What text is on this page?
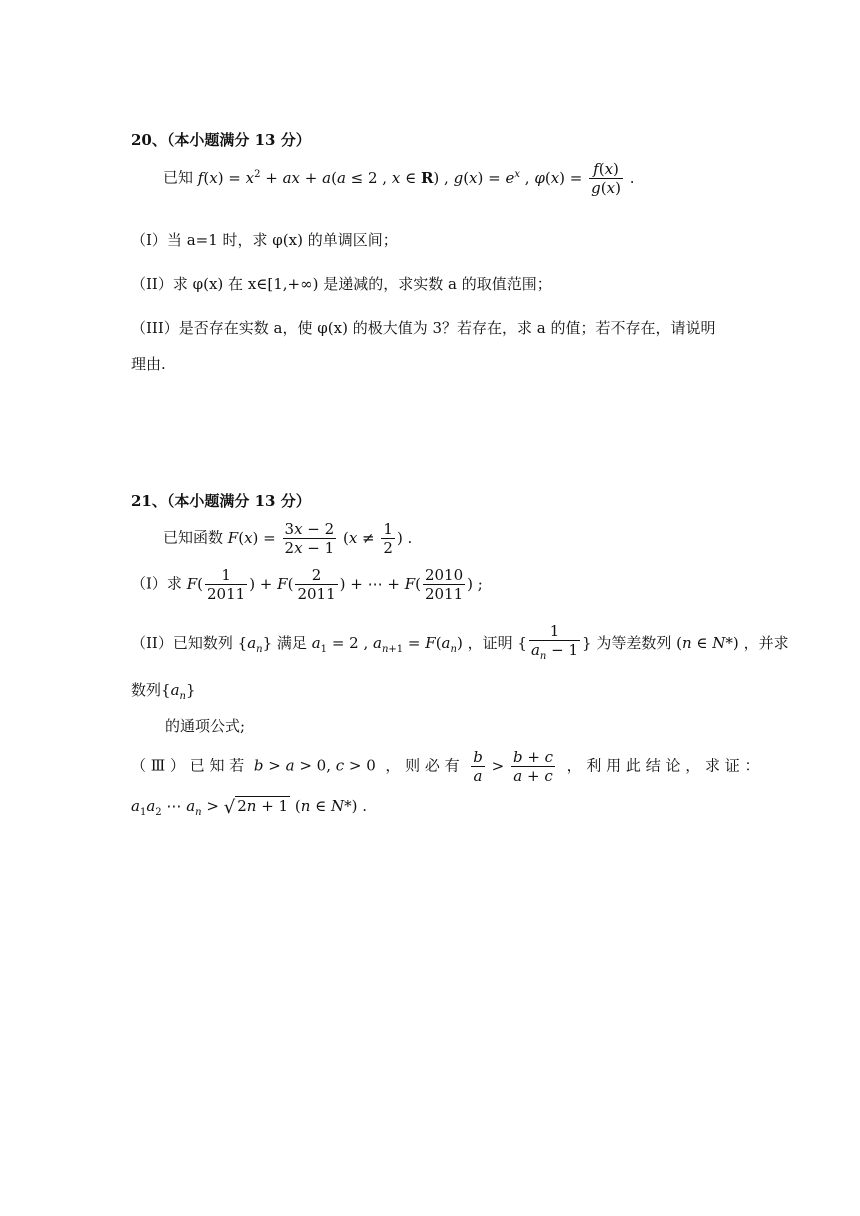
20、（本小题满分 13 分）
已知 $f(x) = x^2$ + ax + a(a ≤ 2 , x ∈ R) , $g(x) = e^x$ , $\varphi(x) = \frac{f(x)}{g(x)}$ .
（I）当 a=1 时，求 φ(x) 的单调区间；
（II）求 φ(x) 在 x∈[1,+∞) 是递减的，求实数 a 的取值范围；
（III）是否存在实数 a，使 φ(x) 的极大值为 3？若存在，求 a 的值；若不存在，请说明
理由.
21、（本小题满分 13 分）
已知函数 $F(x) = \frac{3x - 2}{2x - 1} (x \ne \frac{1}{2}$ ) .
（I）求 $F( \frac{1}{2011}$ ) + $F( \frac{2}{2011}$ ) + ⋯ + $F( \frac{2010}{2011}$ ) ;
（II）已知数列 $\{a_n\}$ 满足 $a_1 = 2$ , $a_{n+1} = F(a_n)$ ，证明 { $\frac{1}{a_n - 1}$ } 为等差数列 (n ∈ N*) ，并求
数列$\{a_n\}$
的通项公式;
（ Ⅲ ） 已 知 若 b > a > 0, c > 0  ， 则 必 有 $\frac{b}{a} > \frac{b + c}{a + c}$ ， 利 用 此 结 论 ， 求 证 ：
$a_1a_2$ ⋯ $a_n$ > √ 2n + 1 (n ∈ N*) .
